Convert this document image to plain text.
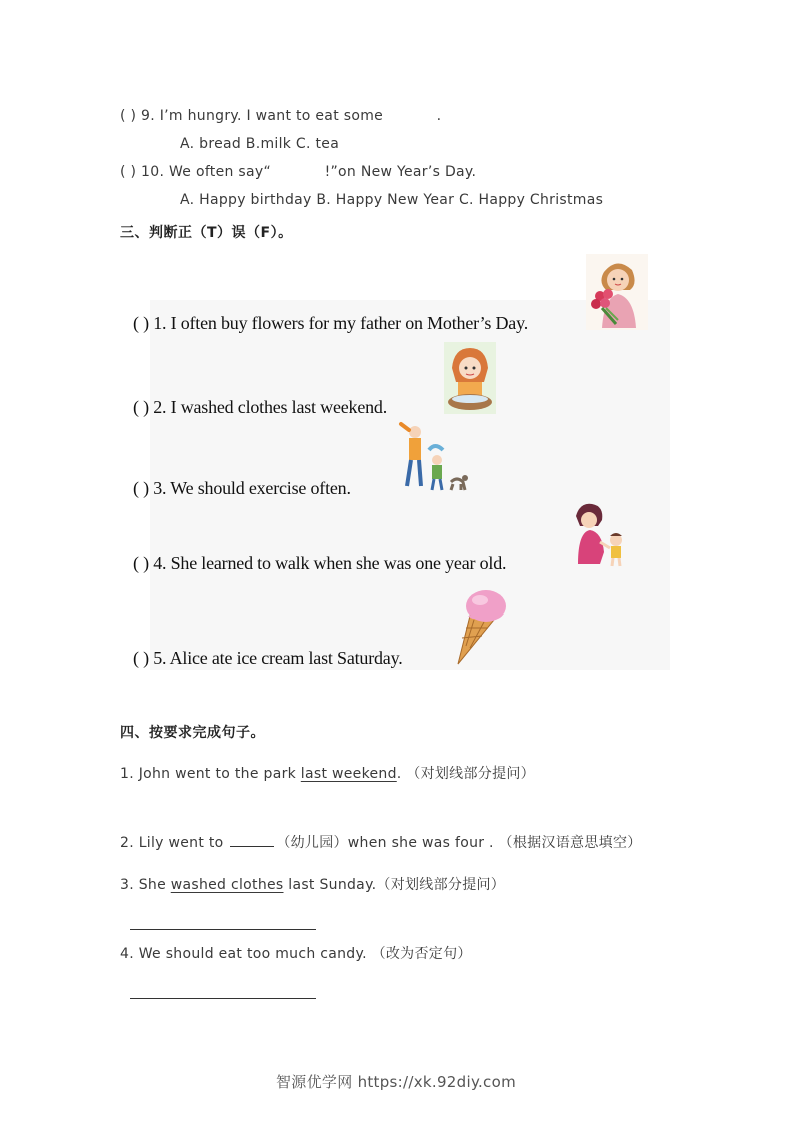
( ) 9. I’m hungry. I want to eat some	.
A. bread B.milk C. tea
( ) 10. We often say“	!”on New Year’s Day.
A. Happy birthday B. Happy New Year C. Happy Christmas
三、判断正（T）误（F）。
( ) 1. I often buy flowers for my father on Mother’s Day.
( ) 2. I washed clothes last weekend.
( ) 3. We should exercise often.
( ) 4. She learned to walk when she was one year old.
( ) 5. Alice ate ice cream last Saturday.
四、按要求完成句子。
1. John went to the park last weekend. （对划线部分提问）
2. Lily went to	（幼儿园）when she was four . （根据汉语意思填空）
3. She washed clothes last Sunday.（对划线部分提问）
4. We should eat too much candy. （改为否定句）
智源优学网 https://xk.92diy.com
